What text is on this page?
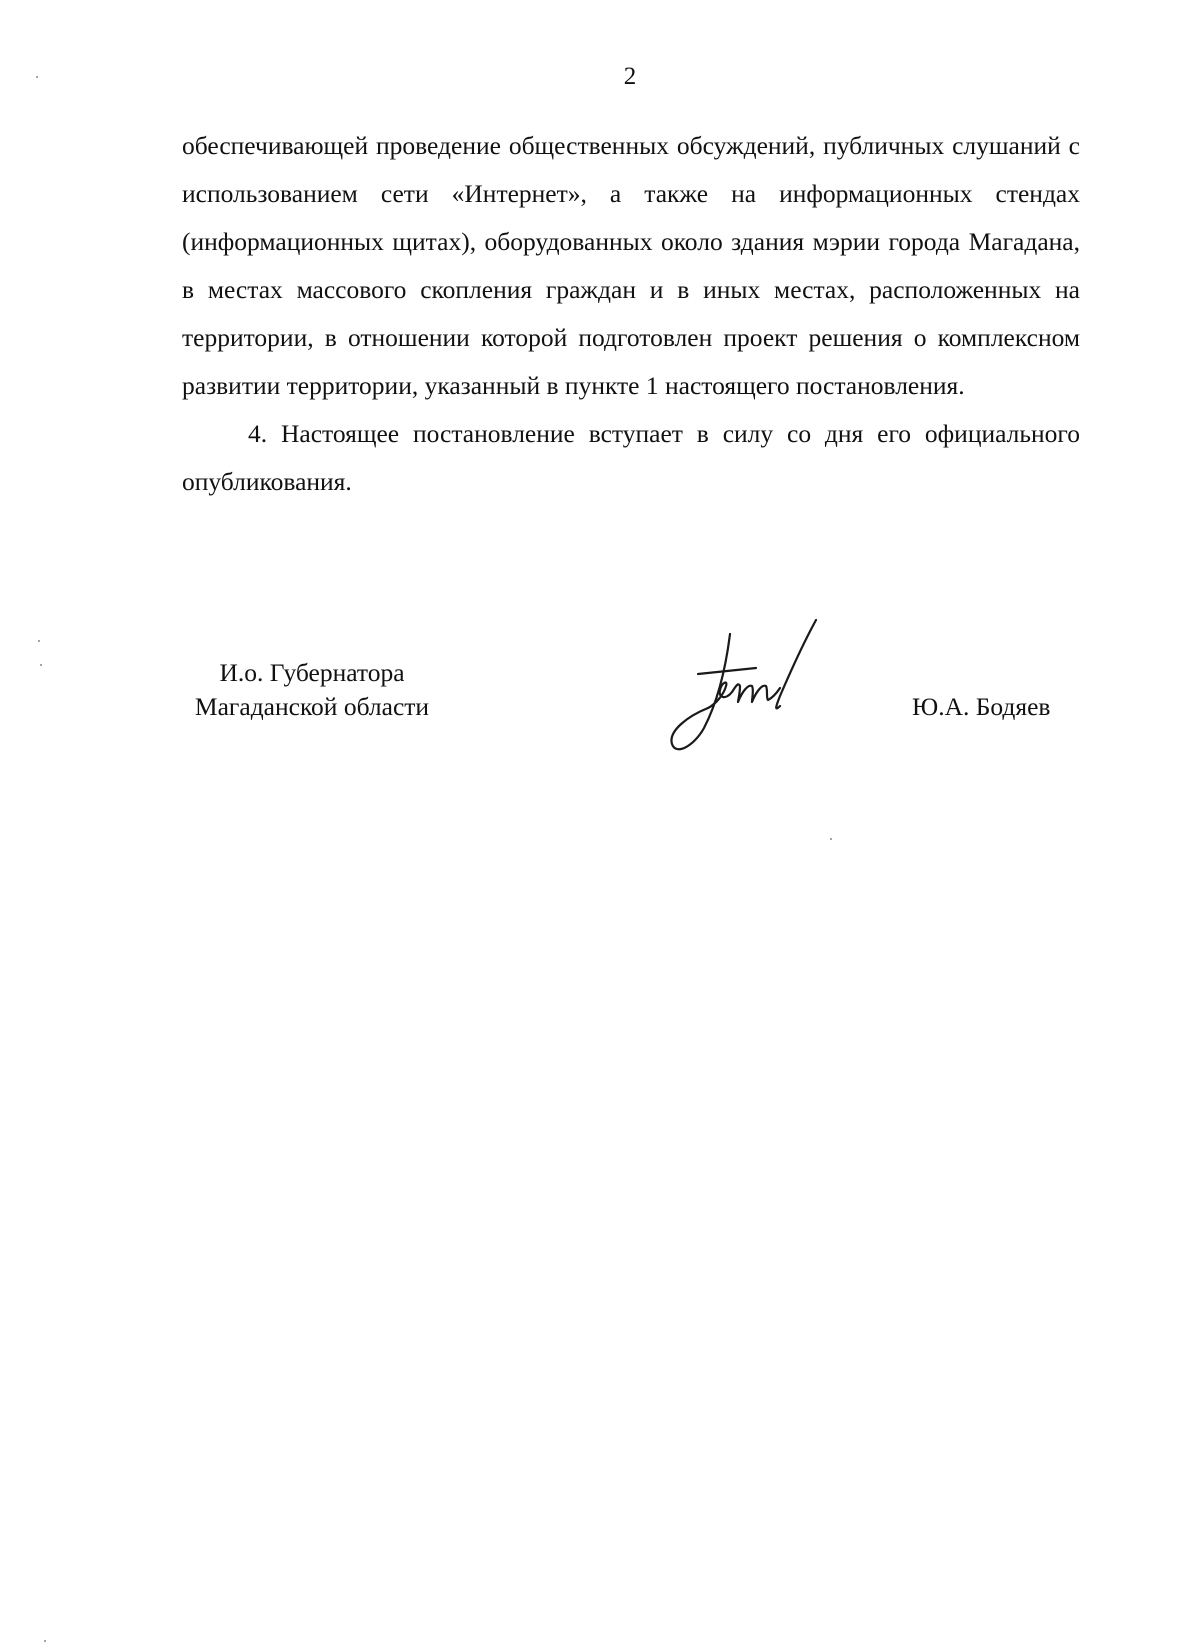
2

обеспечивающей проведение общественных обсуждений, публичных слушаний с использованием сети «Интернет», а также на информационных стендах (информационных щитах), оборудованных около здания мэрии города Магадана, в местах массового скопления граждан и в иных местах, расположенных на территории, в отношении которой подготовлен проект решения о комплексном развитии территории, указанный в пункте 1 настоящего постановления.

4. Настоящее постановление вступает в силу со дня его официального опубликования.

И.о. Губернатора
Магаданской области	Ю.А. Бодяев
